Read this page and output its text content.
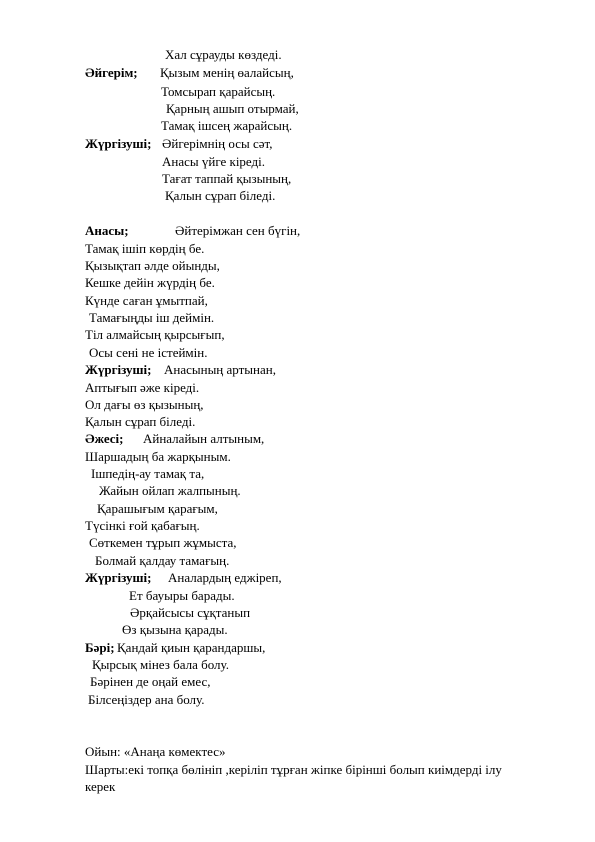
Хал сұрауды көздеді.
Әйгерім; Қызым менің өалайсың,
Томсырап қарайсың.
Қарның ашып отырмай,
Тамақ ішсең жарайсың.
Жүргізуші; Әйгерімнің осы сәт,
Анасы үйге кіреді.
Тағат таппай қызының,
Қалын сұрап біледі.
Анасы;	Әйтерімжан сен бүгін,
Тамақ ішіп көрдің бе.
Қызықтап әлде ойынды,
Кешке дейін жүрдің бе.
Күнде саған ұмытпай,
Тамағыңды іш деймін.
Тіл алмайсың қырсығып,
Осы сені не істеймін.
Жүргізуші; Анасының артынан,
Аптығып әже кіреді.
Ол дағы өз қызының,
Қалын сұрап біледі.
Әжесі; Айналайын алтыным,
Шаршадың ба жарқыным.
Ішпедің-ау тамақ та,
Жайын ойлап жалпының.
Қарашығым қарағым,
Түсінкі ғой қабағың.
Сөткемен тұрып жұмыста,
Болмай қалдау тамағың.
Жүргізуші; Аналардың еджіреп,
Ет бауыры барады.
Әрқайсысы сұқтанып
Өз қызына қарады.
Бәрі; Қандай қиын қарандаршы,
Қырсық мінез бала болу.
Бәрінен де оңай емес,
Білсеңіздер ана болу.
Ойын: «Анаңа көмектес»
Шарты:екі топқа бөлініп ,керіліп тұрған жіпке бірінші болып киімдерді ілу
керек
